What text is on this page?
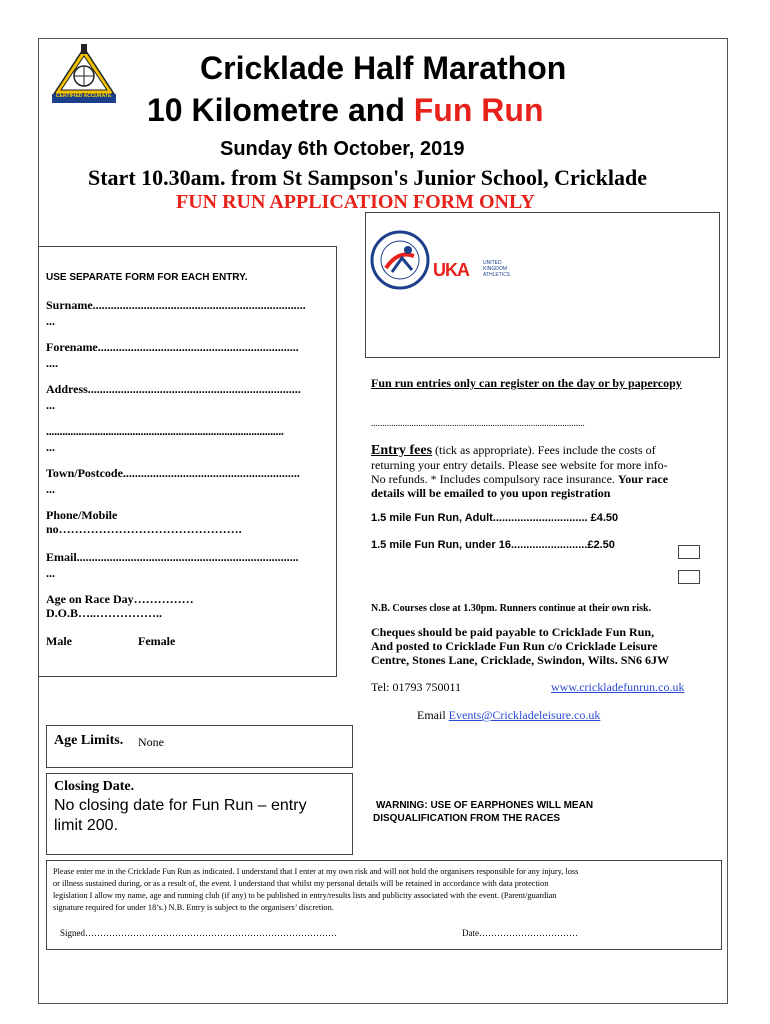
CERTIFIED ACCURATE
Cricklade Half Marathon
10 Kilometre and Fun Run
Sunday 6th October, 2019
Start 10.30am. from St Sampson's Junior School, Cricklade
FUN RUN APPLICATION FORM ONLY
USE SEPARATE FORM FOR EACH ENTRY.
Surname.......................................................................
...
Forename...................................................................
....
Address.......................................................................
...
........................................................................................
...
Town/Postcode...........................................................
...
Phone/Mobile
no……………………………………….
Email..........................................................................
...
Age on Race Day……………
D.O.B…..……………..
Male	Female
UKA	UNITED
KINGDOM
ATHLETICS
Fun run entries only can register on the day or by papercopy
...............................................................................................
Entry fees (tick as appropriate). Fees include the costs of
returning your entry details. Please see website for more info-
No refunds. * Includes compulsory race insurance. Your race
details will be emailed to you upon registration
1.5 mile Fun Run, Adult............................... £4.50
1.5 mile Fun Run, under 16.........................£2.50
N.B. Courses close at 1.30pm. Runners continue at their own risk.
Cheques should be paid payable to Cricklade Fun Run,
And posted to Cricklade Fun Run c/o Cricklade Leisure
Centre, Stones Lane, Cricklade, Swindon, Wilts. SN6 6JW
Tel: 01793 750011	www.crickladefunrun.co.uk
Email Events@Crickladeleisure.co.uk
Age Limits. None
Closing Date.
No closing date for Fun Run – entry
limit 200.
WARNING: USE OF EARPHONES WILL MEAN
DISQUALIFICATION FROM THE RACES
Please enter me in the Cricklade Fun Run as indicated. I understand that I enter at my own risk and will not hold the organisers responsible for any injury, loss
or illness sustained during, or as a result of, the event. I understand that whilst my personal details will be retained in accordance with data protection
legislation I allow my name, age and running club (if any) to be published in entry/results lists and publicity associated with the event. (Parent/guardian
signature required for under 18’s.) N.B. Entry is subject to the organisers’ discretion.
Signed…………………………………………………………………………	Date……………………………
